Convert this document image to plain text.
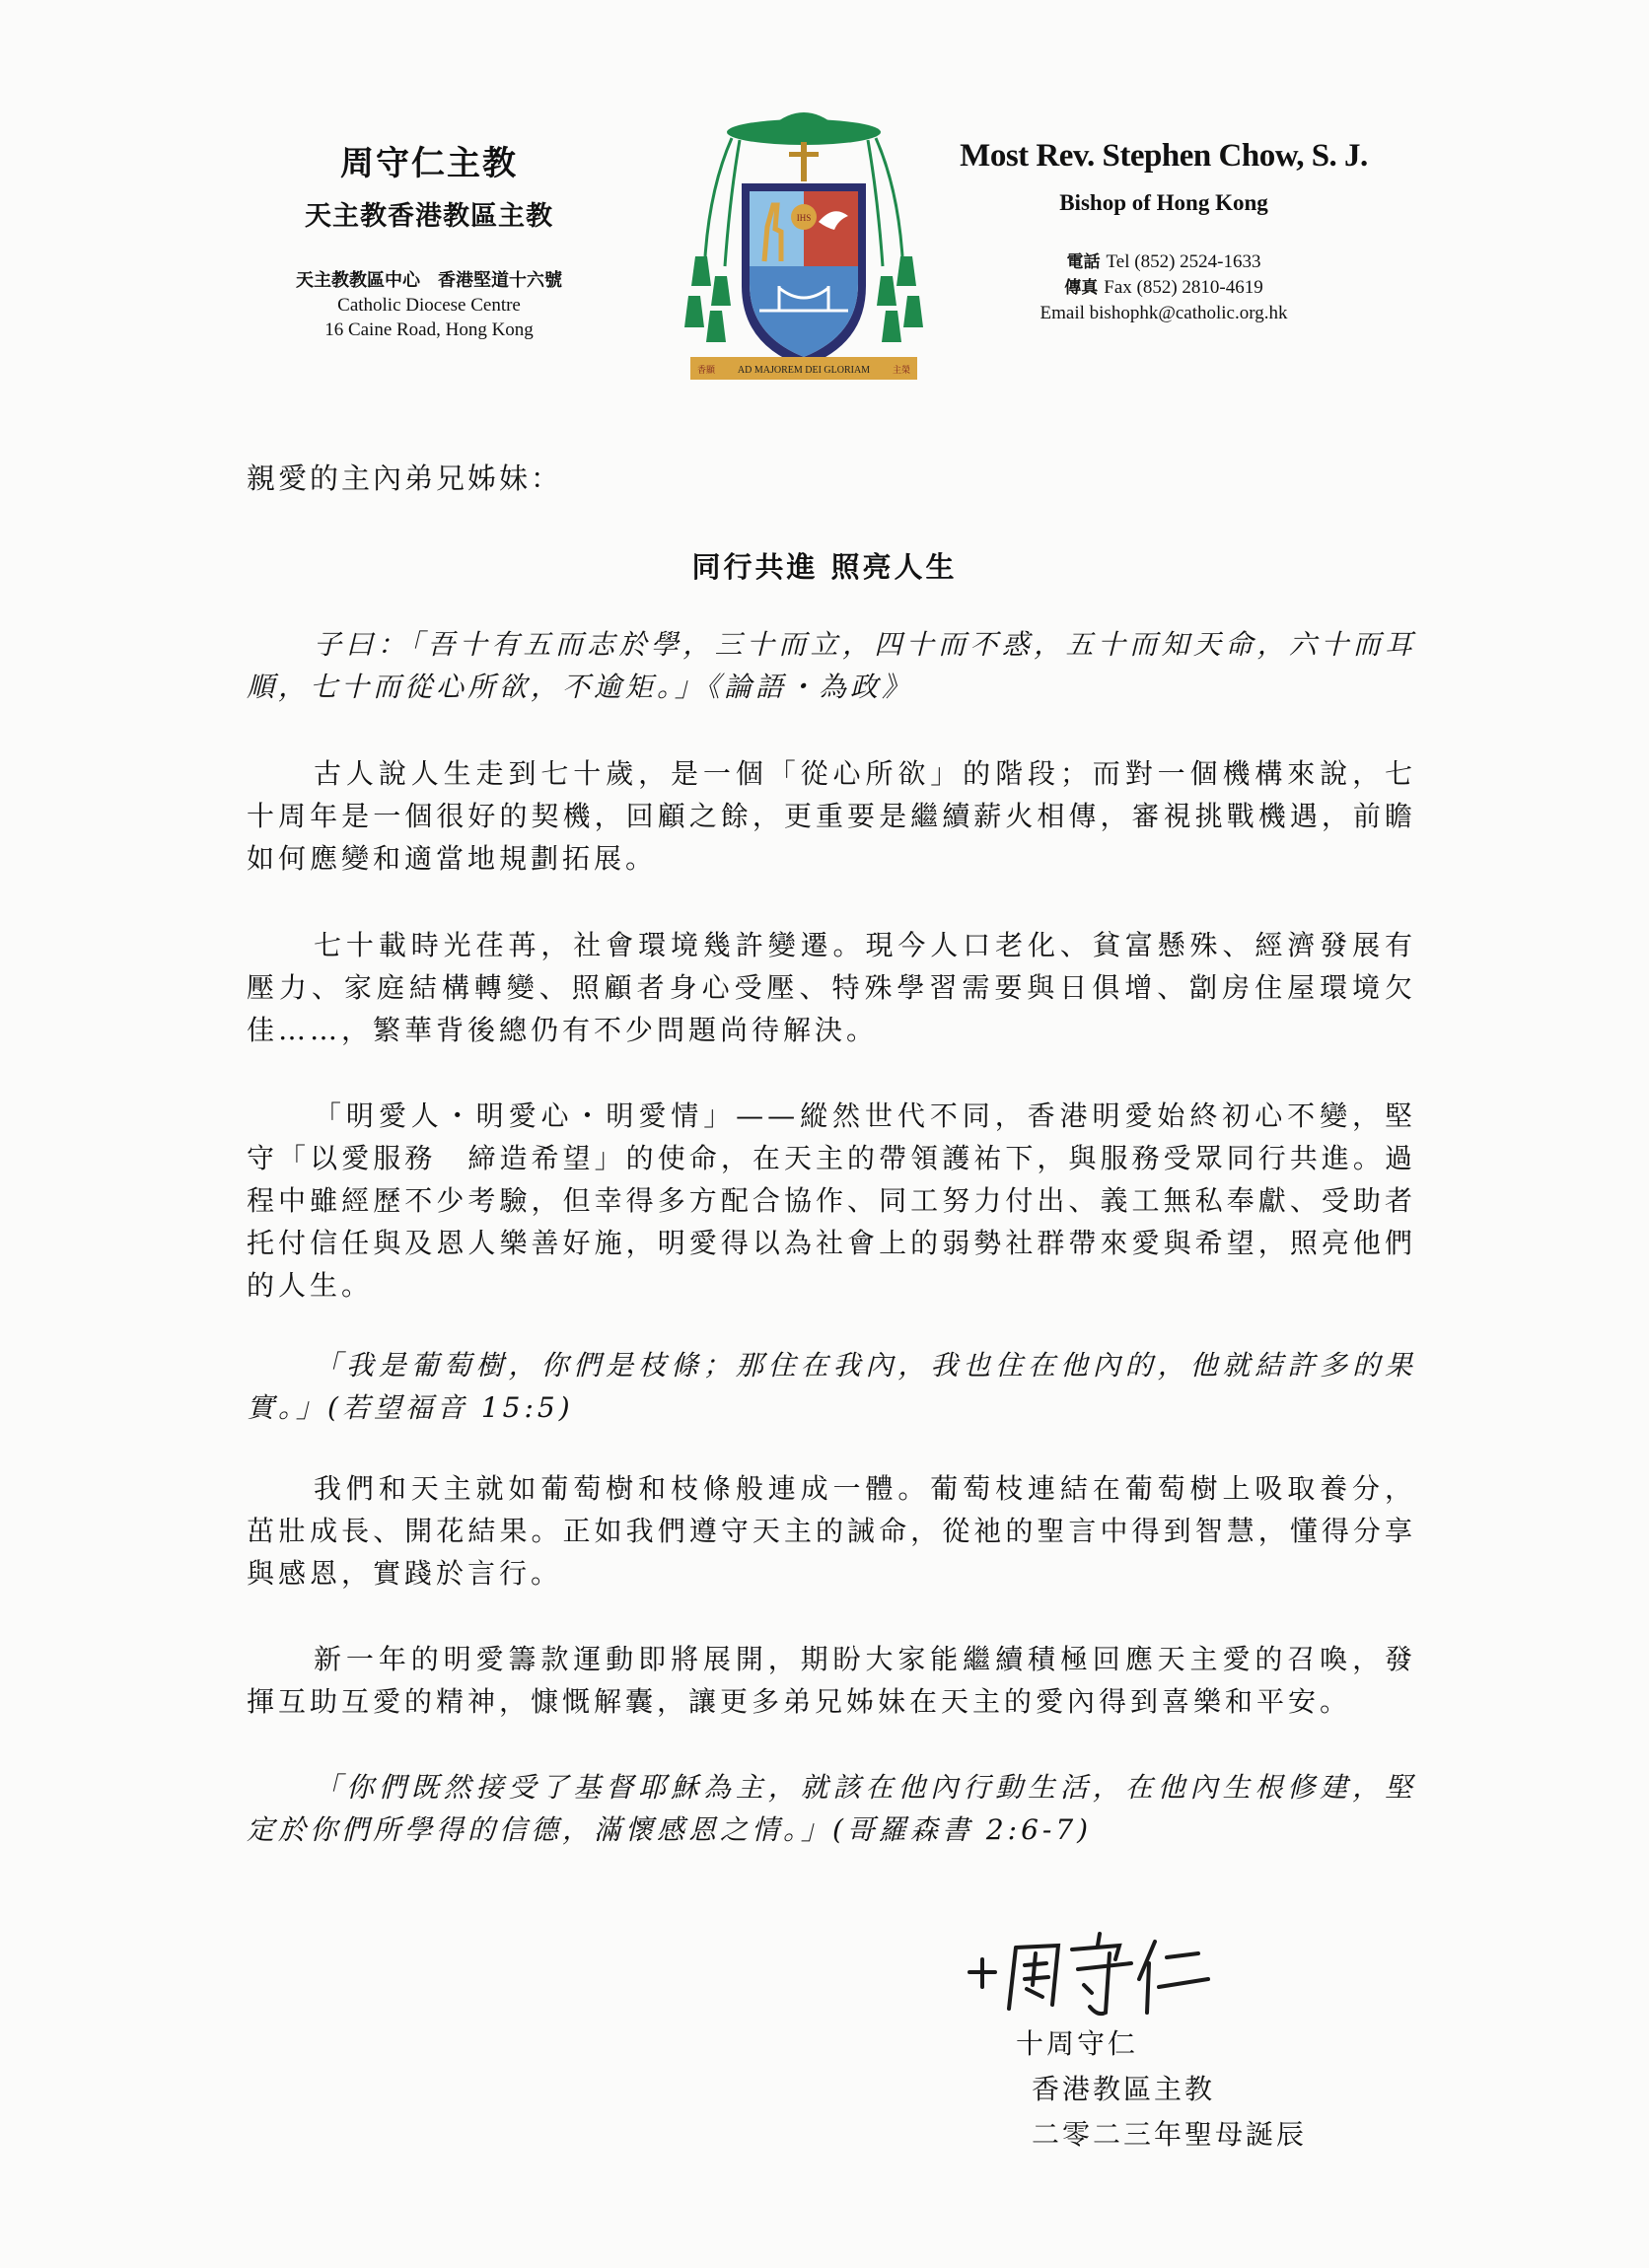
周守仁主教
天主教香港教區主教
天主教教區中心　香港堅道十六號
Catholic Diocese Centre
16 Caine Road, Hong Kong
IHS
AD MAJOREM DEI GLORIAM
香顯	主榮
Most Rev. Stephen Chow, S. J.
Bishop of Hong Kong
電話 Tel (852) 2524-1633
傳真 Fax (852) 2810-4619
Email bishophk@catholic.org.hk
親愛的主內弟兄姊妹：
同行共進 照亮人生

子曰：「吾十有五而志於學，三十而立，四十而不惑，五十而知天命，六十而耳順，七十而從心所欲，不逾矩。」《論語・為政》

古人說人生走到七十歲，是一個「從心所欲」的階段；而對一個機構來說，七十周年是一個很好的契機，回顧之餘，更重要是繼續薪火相傳，審視挑戰機遇，前瞻如何應變和適當地規劃拓展。

七十載時光荏苒，社會環境幾許變遷。現今人口老化、貧富懸殊、經濟發展有壓力、家庭結構轉變、照顧者身心受壓、特殊學習需要與日俱增、劏房住屋環境欠佳……，繁華背後總仍有不少問題尚待解決。

「明愛人・明愛心・明愛情」——縱然世代不同，香港明愛始終初心不變，堅守「以愛服務　締造希望」的使命，在天主的帶領護祐下，與服務受眾同行共進。過程中雖經歷不少考驗，但幸得多方配合協作、同工努力付出、義工無私奉獻、受助者托付信任與及恩人樂善好施，明愛得以為社會上的弱勢社群帶來愛與希望，照亮他們的人生。

「我是葡萄樹，你們是枝條；那住在我內，我也住在他內的，他就結許多的果實。」(若望福音 15:5)

我們和天主就如葡萄樹和枝條般連成一體。葡萄枝連結在葡萄樹上吸取養分，茁壯成長、開花結果。正如我們遵守天主的誡命，從祂的聖言中得到智慧，懂得分享與感恩，實踐於言行。

新一年的明愛籌款運動即將展開，期盼大家能繼續積極回應天主愛的召喚，發揮互助互愛的精神，慷慨解囊，讓更多弟兄姊妹在天主的愛內得到喜樂和平安。

「你們既然接受了基督耶穌為主，就該在他內行動生活，在他內生根修建，堅定於你們所學得的信德，滿懷感恩之情。」(哥羅森書 2:6-7)

十周守仁
香港教區主教
二零二三年聖母誕辰
